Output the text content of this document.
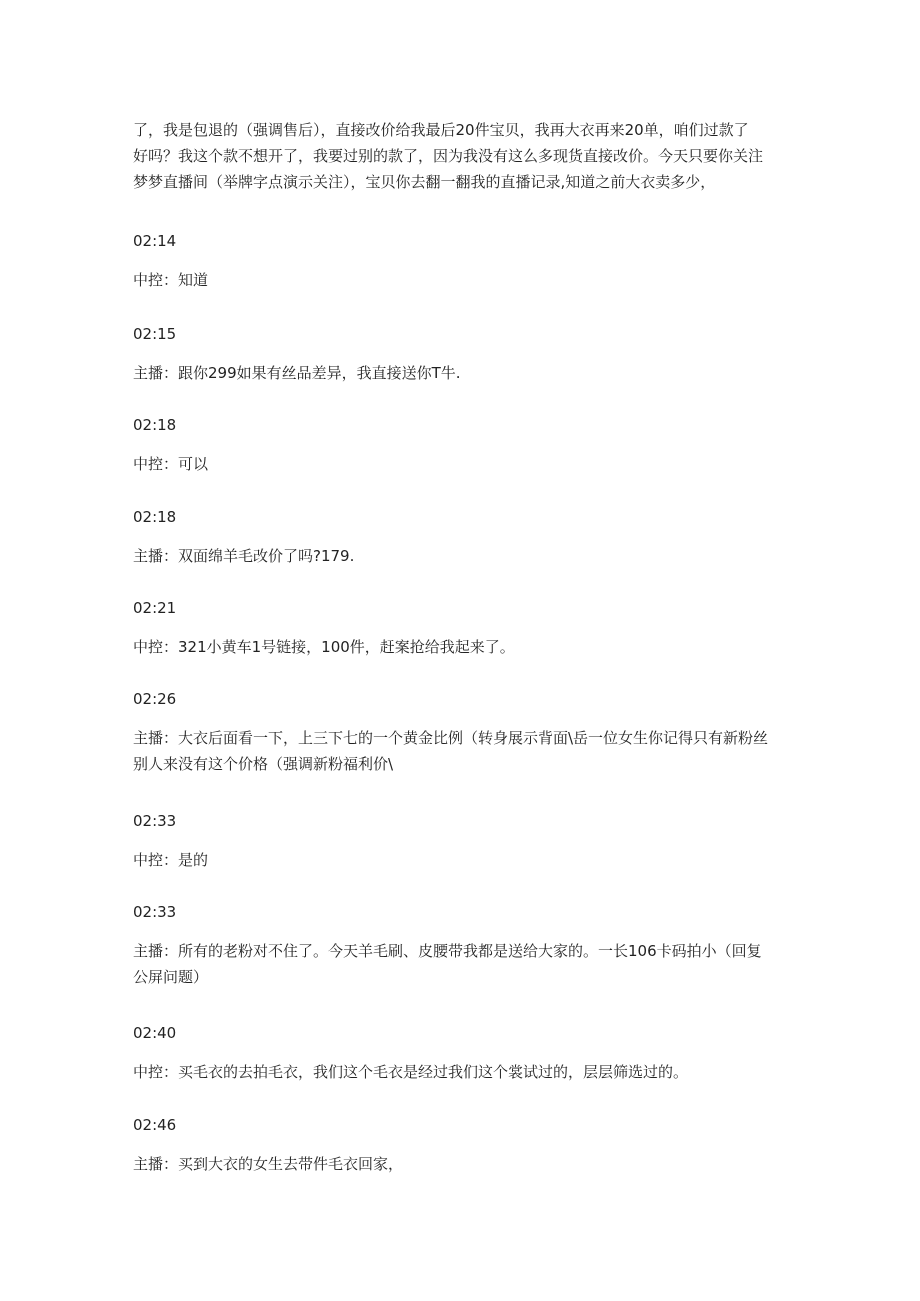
了，我是包退的（强调售后），直接改价给我最后20件宝贝，我再大衣再来20单，咱们过款了
好吗？我这个款不想开了，我要过别的款了，因为我没有这么多现货直接改价。今天只要你关注
梦梦直播间（举牌字点演示关注），宝贝你去翻一翻我的直播记录,知道之前大衣卖多少，
02:14
中控：知道
02:15
主播：跟你299如果有丝品差异，我直接送你T牛.
02:18
中控：可以
02:18
主播：双面绵羊毛改价了吗?179.
02:21
中控：321小黄车1号链接，100件，赶案抢给我起来了。
02:26
主播：大衣后面看一下，上三下七的一个黄金比例（转身展示背面\岳一位女生你记得只有新粉丝
别人来没有这个价格（强调新粉福利价\
02:33
中控：是的
02:33
主播：所有的老粉对不住了。今天羊毛刷、皮腰带我都是送给大家的。一长106卡码拍小（回复
公屏问题）
02:40
中控：买毛衣的去拍毛衣，我们这个毛衣是经过我们这个裳试过的，层层筛选过的。
02:46
主播：买到大衣的女生去带件毛衣回家，
